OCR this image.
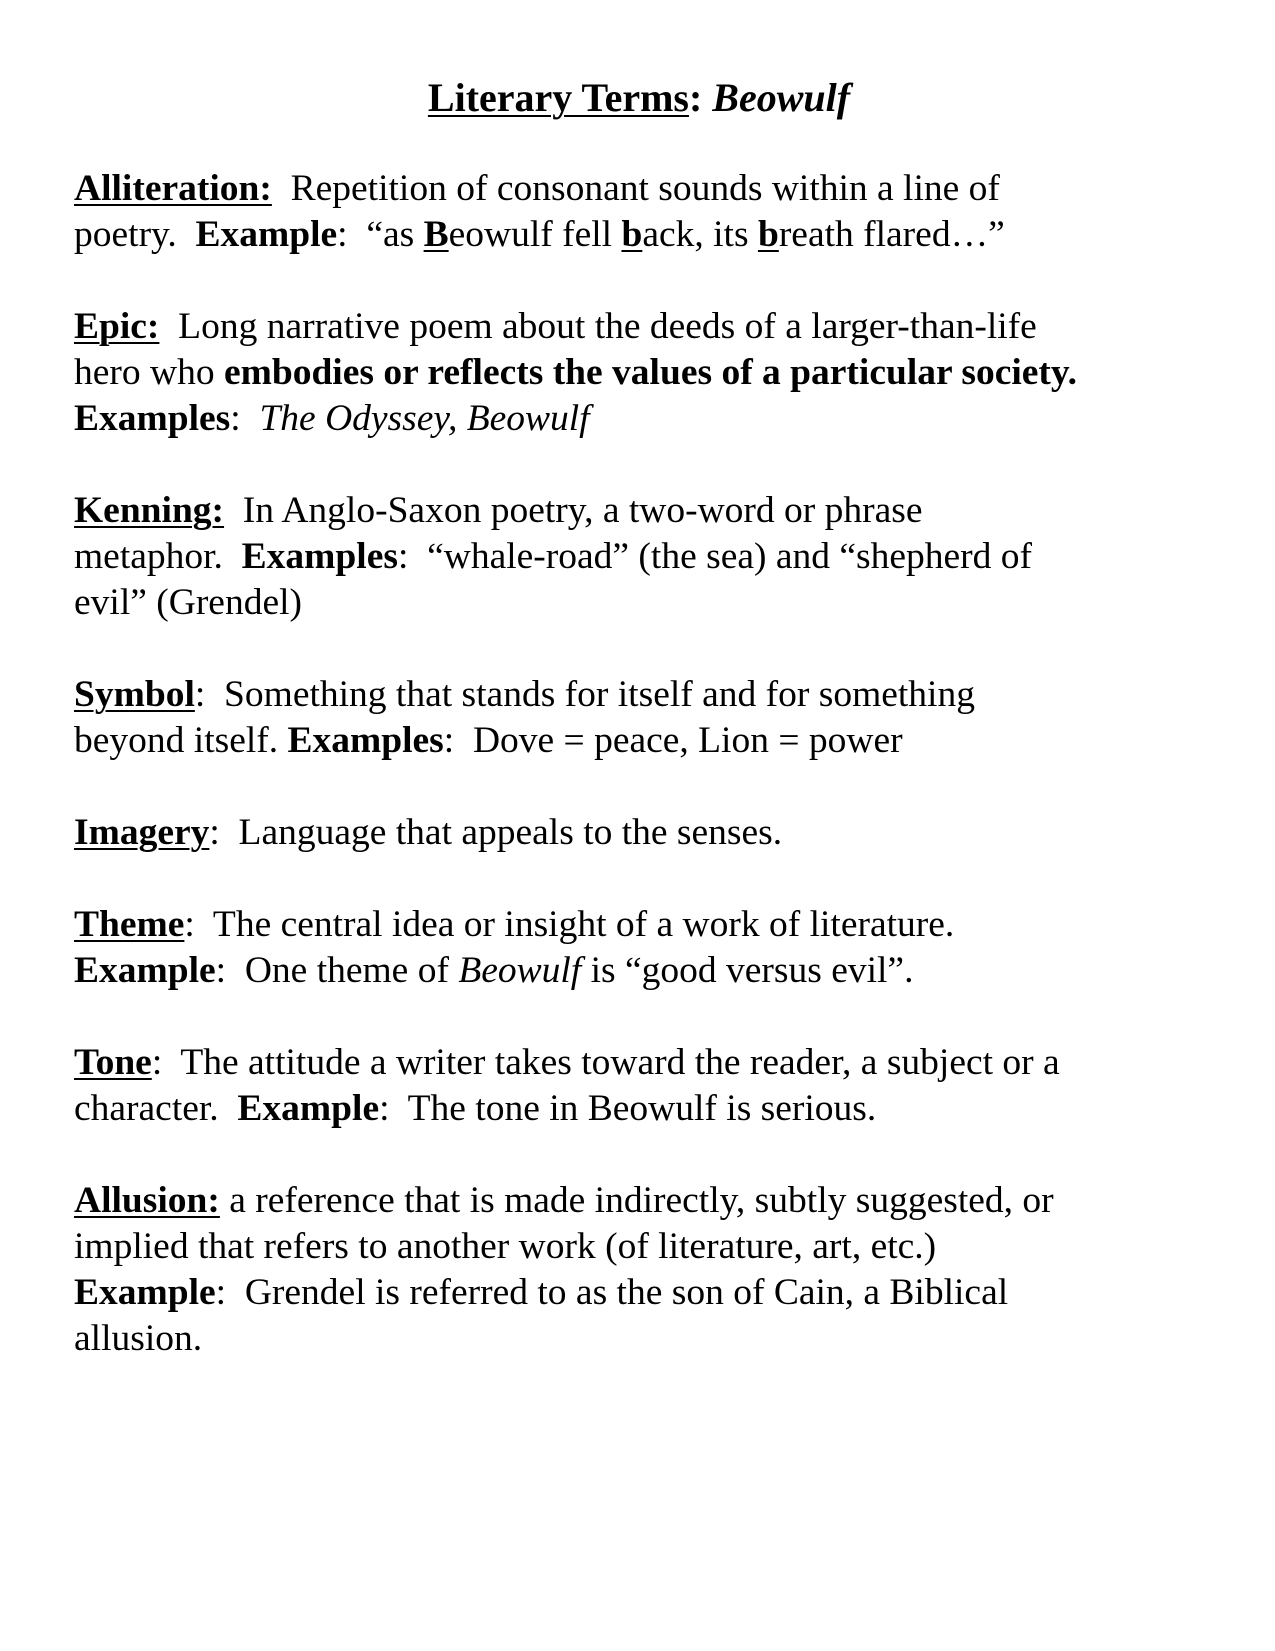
Literary Terms: Beowulf
Alliteration: Repetition of consonant sounds within a line of
poetry. Example:  “as Beowulf fell back, its breath flared…”
Epic: Long narrative poem about the deeds of a larger-than-life
hero who embodies or reflects the values of a particular society.
Examples:  The Odyssey, Beowulf
Kenning: In Anglo-Saxon poetry, a two-word or phrase
metaphor. Examples:  “whale-road” (the sea) and “shepherd of
evil” (Grendel)
Symbol:  Something that stands for itself and for something
beyond itself. Examples:  Dove = peace, Lion = power
Imagery:  Language that appeals to the senses.
Theme:  The central idea or insight of a work of literature.
Example:  One theme of Beowulf is “good versus evil”.
Tone:  The attitude a writer takes toward the reader, a subject or a
character. Example:  The tone in Beowulf is serious.
Allusion: a reference that is made indirectly, subtly suggested, or
implied that refers to another work (of literature, art, etc.)
Example:  Grendel is referred to as the son of Cain, a Biblical
allusion.
